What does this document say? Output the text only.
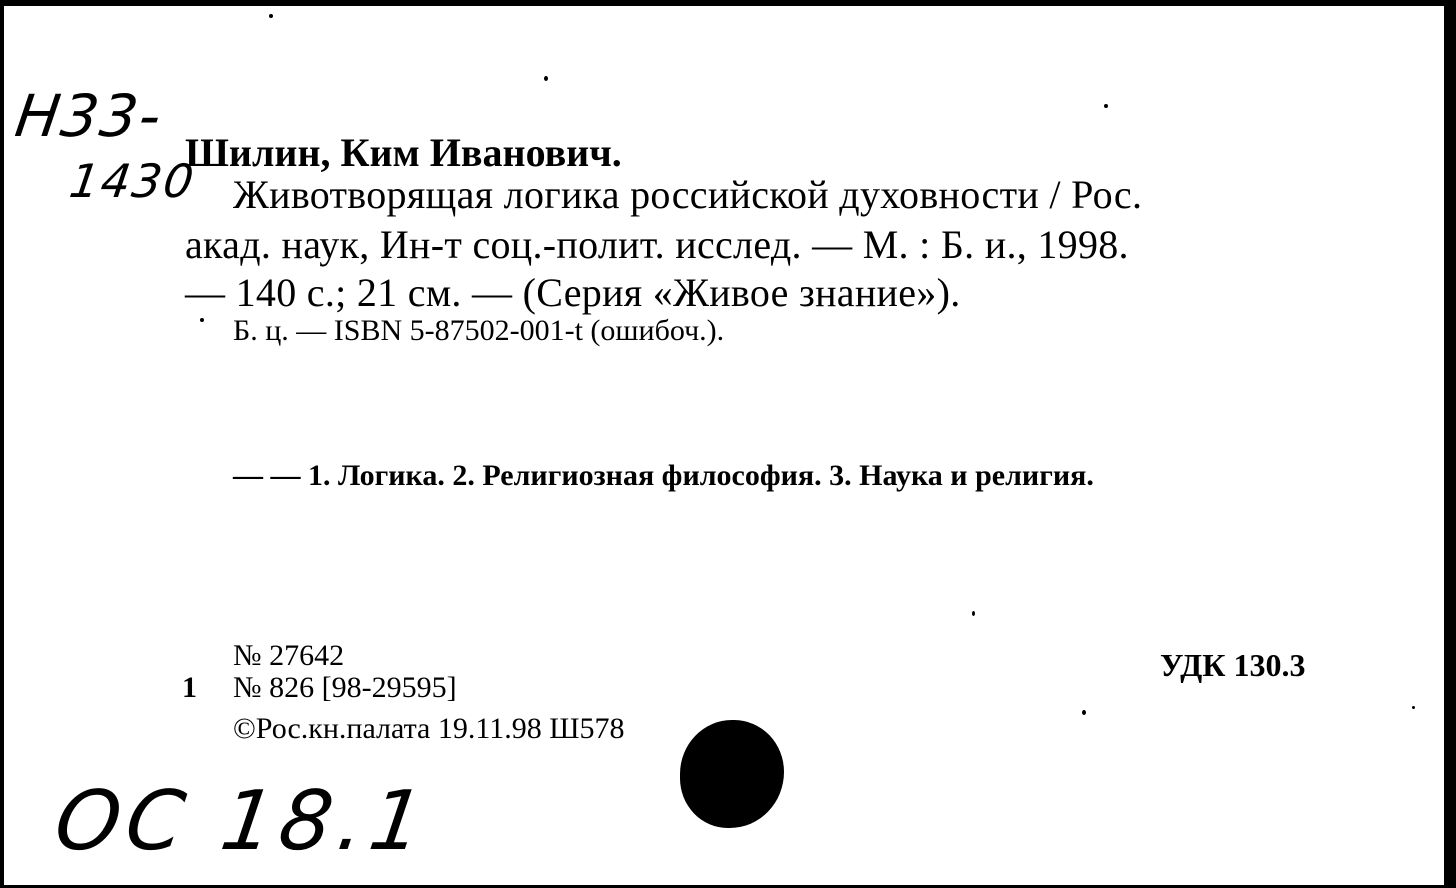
Н33-
1430
Шилин, Ким Иванович.
Животворящая логика российской духовности / Рос.
акад. наук, Ин-т соц.-полит. исслед. — М. : Б. и., 1998.
— 140 с.; 21 см. — (Серия «Живое знание»).
Б. ц. — ISBN 5-87502-001-t (ошибоч.).
— — 1. Логика. 2. Религиозная философия. 3. Наука и религия.
№ 27642
1 № 826 [98-29595]
©Рос.кн.палата 19.11.98 Ш578
УДК 130.3
ОС 18.1
